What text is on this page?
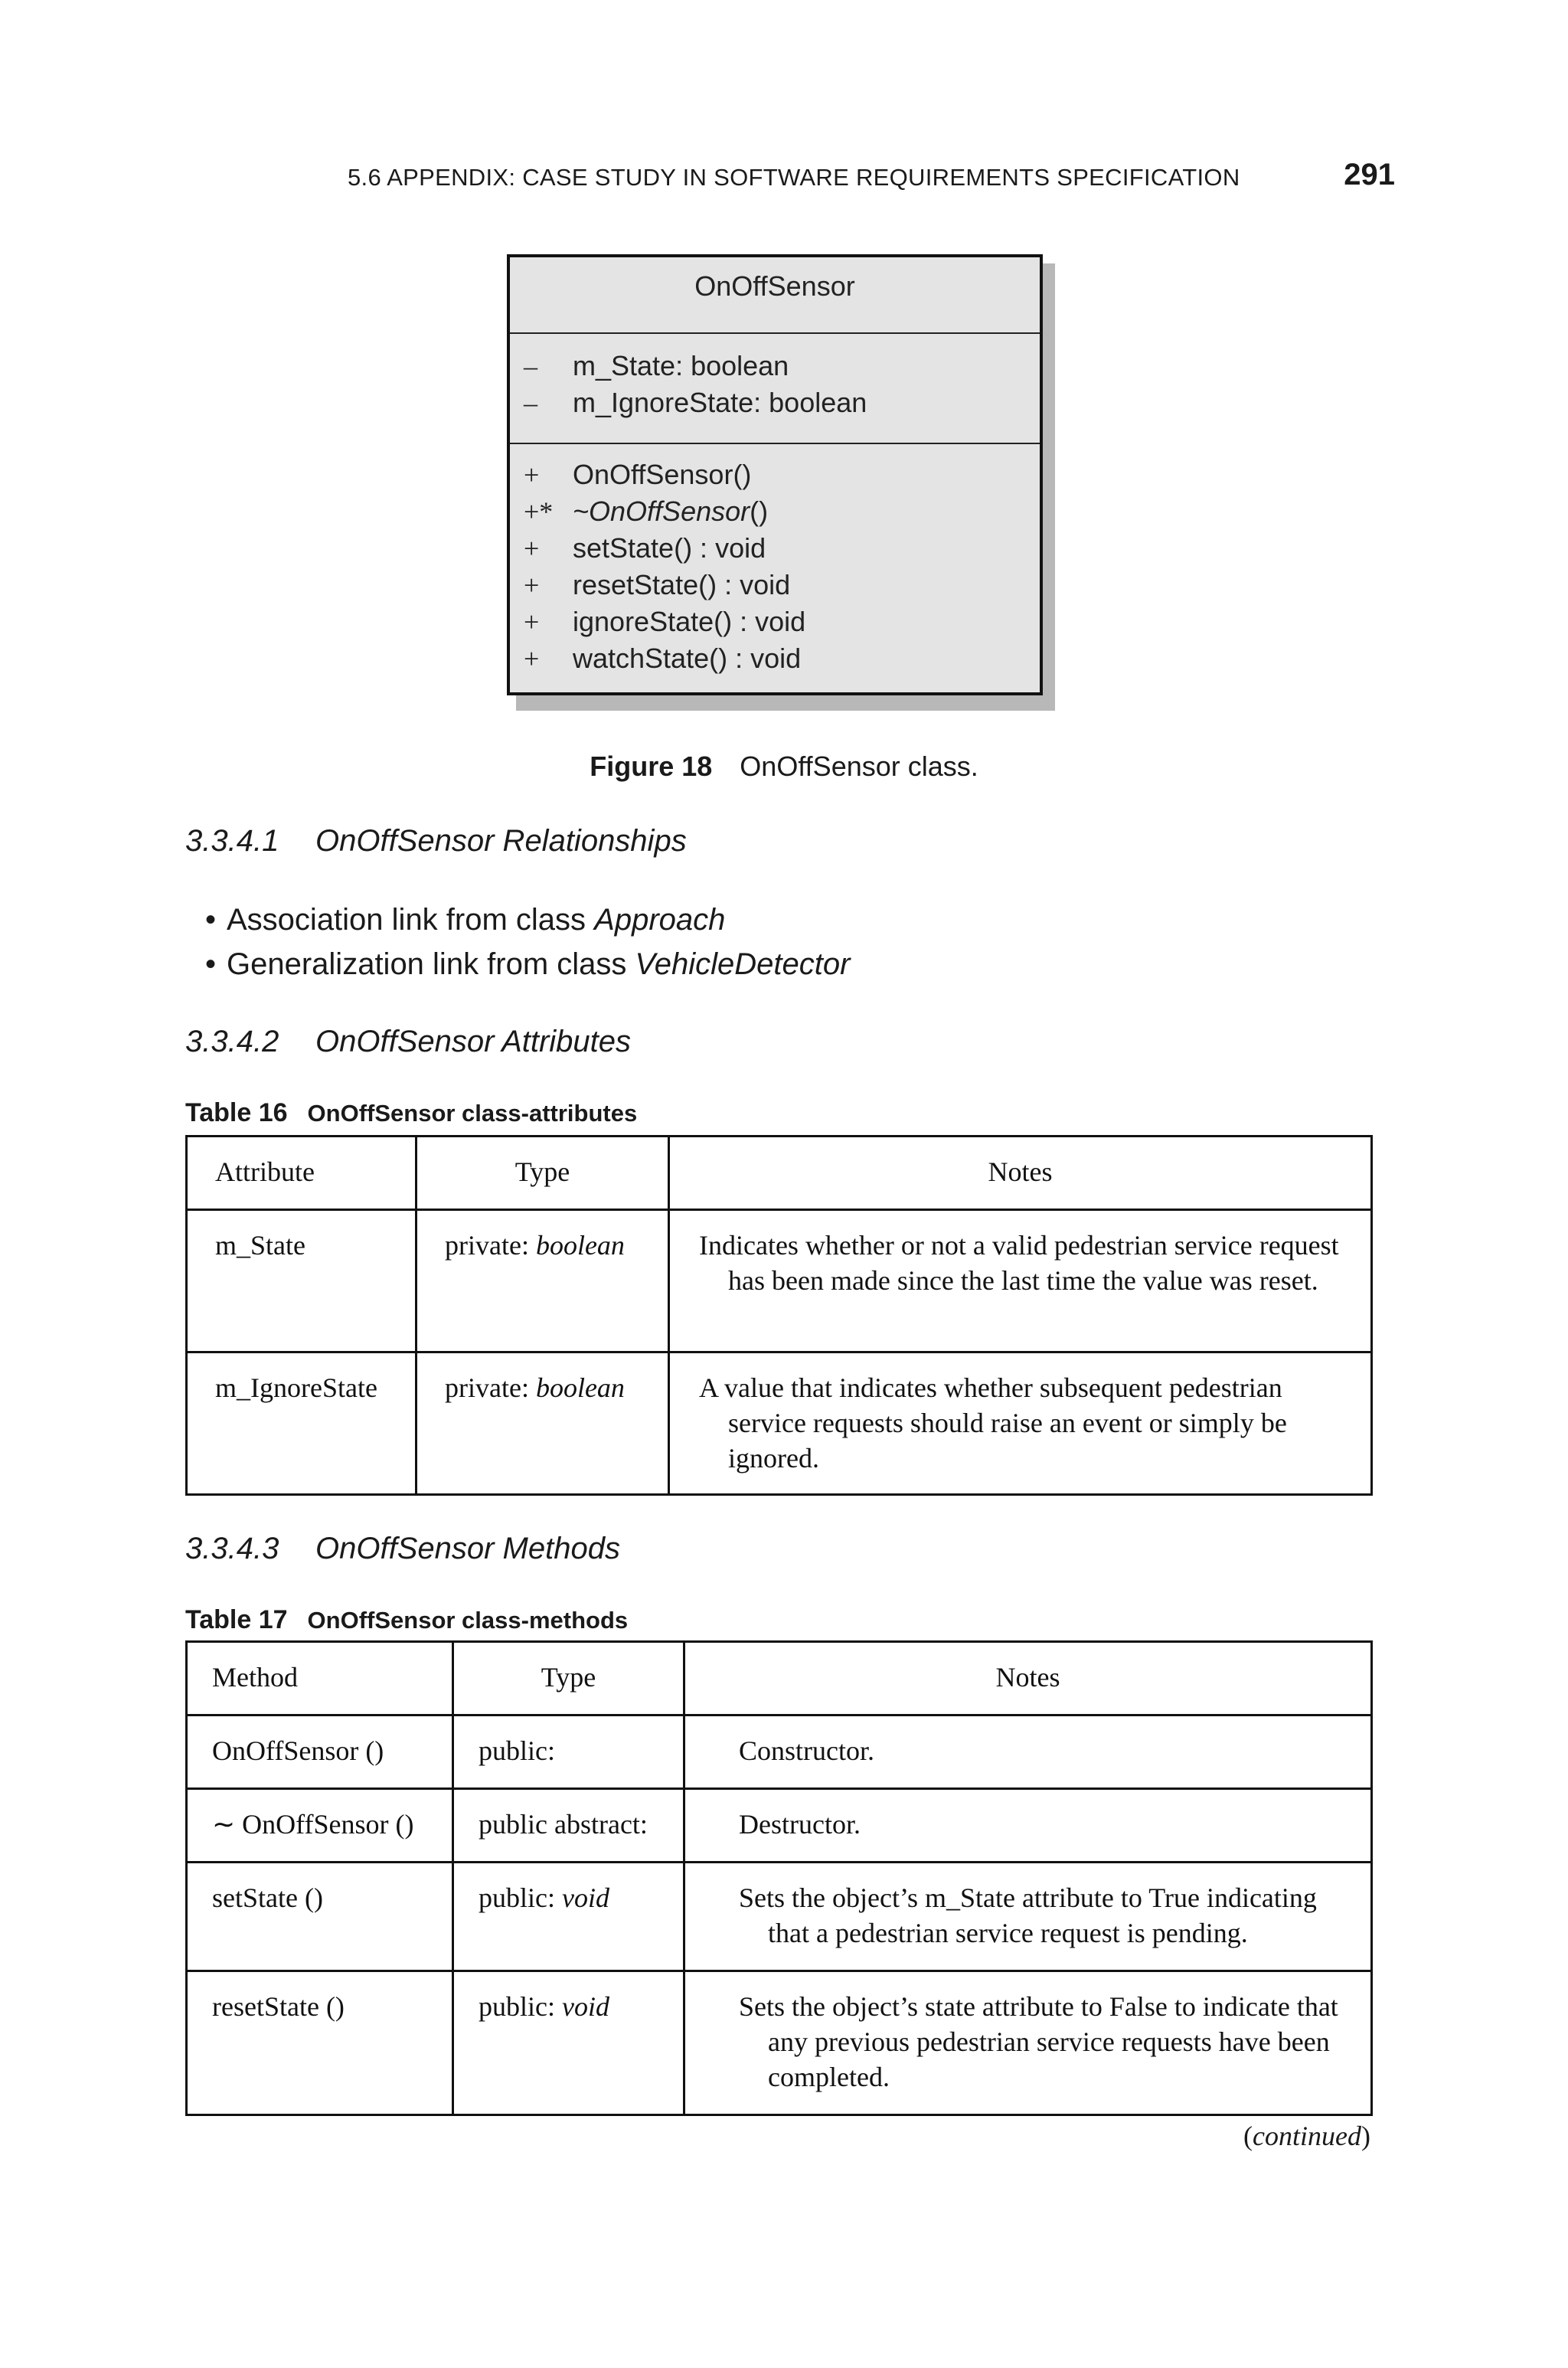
5.6 APPENDIX: CASE STUDY IN SOFTWARE REQUIREMENTS SPECIFICATION	291
OnOffSensor
–	m_State: boolean
–	m_IgnoreState: boolean
+	OnOffSensor()
+* ~OnOffSensor()
+	setState() : void
+	resetState() : void
+	ignoreState() : void
+	watchState() : void
Figure 18 OnOffSensor class.
3.3.4.1 OnOffSensor Relationships
• Association link from class Approach
• Generalization link from class VehicleDetector
3.3.4.2 OnOffSensor Attributes
Table 16 OnOffSensor class-attributes
Attribute	Type	Notes
m_State	private: boolean	Indicates whether or not a valid pedestrian service request has been made since the last time the value was reset.

m_IgnoreState	private: boolean	A value that indicates whether subsequent pedestrian service requests should raise an event or simply be ignored.
3.3.4.3 OnOffSensor Methods
Table 17 OnOffSensor class-methods
Method	Type	Notes
OnOffSensor ()	public:	Constructor.

∼ OnOffSensor ()	public abstract:	Destructor.

setState ()	public: void	Sets the object’s m_State attribute to True indicating that a pedestrian service request is pending.

resetState ()	public: void	Sets the object’s state attribute to False to indicate that any previous pedestrian service requests have been completed.
(continued)
